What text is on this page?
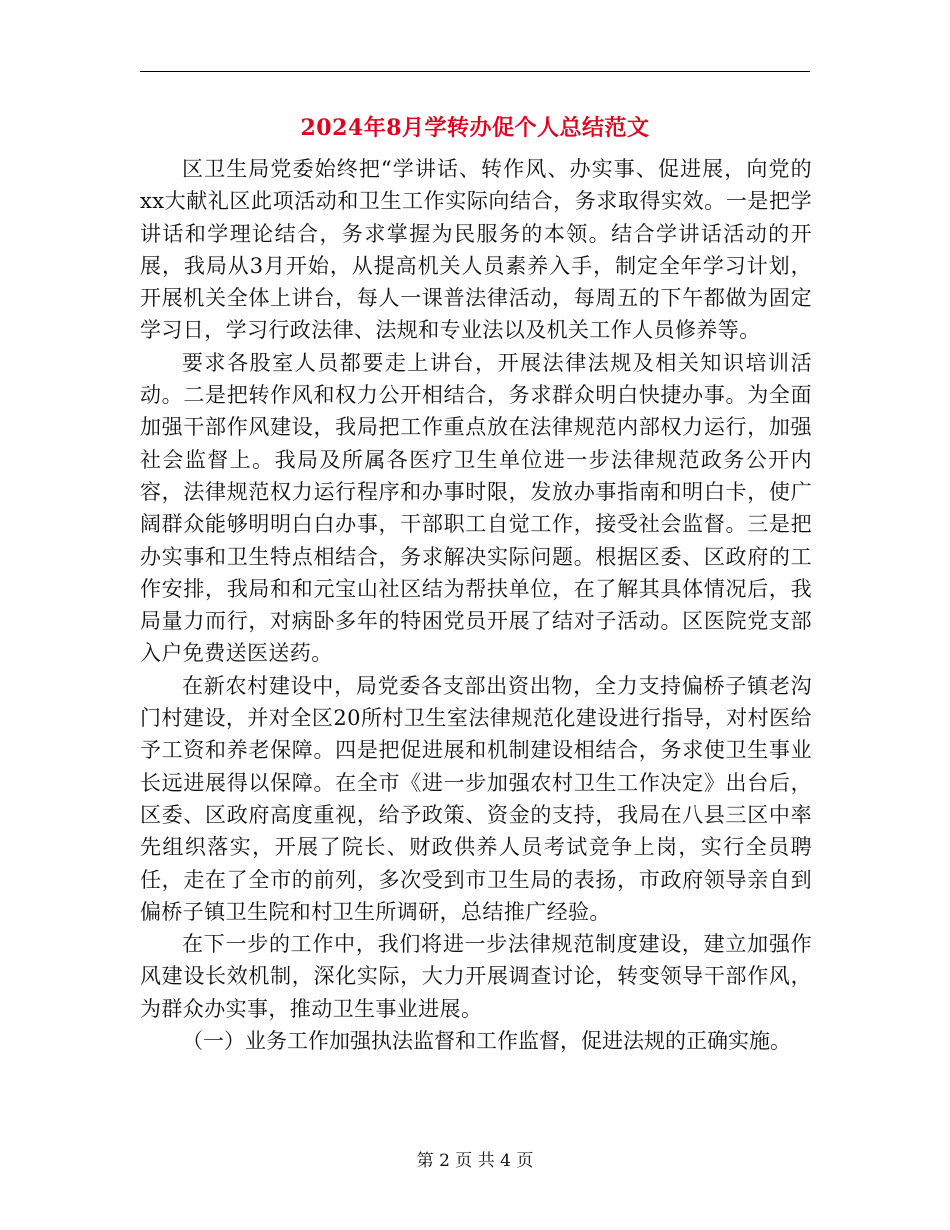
2024年8月学转办促个人总结范文

区卫生局党委始终把“学讲话、转作风、办实事、促进展，向党的xx大献礼区此项活动和卫生工作实际向结合，务求取得实效。一是把学讲话和学理论结合，务求掌握为民服务的本领。结合学讲话活动的开展，我局从3月开始，从提高机关人员素养入手，制定全年学习计划，开展机关全体上讲台，每人一课普法律活动，每周五的下午都做为固定学习日，学习行政法律、法规和专业法以及机关工作人员修养等。

要求各股室人员都要走上讲台，开展法律法规及相关知识培训活动。二是把转作风和权力公开相结合，务求群众明白快捷办事。为全面加强干部作风建设，我局把工作重点放在法律规范内部权力运行，加强社会监督上。我局及所属各医疗卫生单位进一步法律规范政务公开内容，法律规范权力运行程序和办事时限，发放办事指南和明白卡，使广阔群众能够明明白白办事，干部职工自觉工作，接受社会监督。三是把办实事和卫生特点相结合，务求解决实际问题。根据区委、区政府的工作安排，我局和和元宝山社区结为帮扶单位，在了解其具体情况后，我局量力而行，对病卧多年的特困党员开展了结对子活动。区医院党支部入户免费送医送药。

在新农村建设中，局党委各支部出资出物，全力支持偏桥子镇老沟门村建设，并对全区20所村卫生室法律规范化建设进行指导，对村医给予工资和养老保障。四是把促进展和机制建设相结合，务求使卫生事业长远进展得以保障。在全市《进一步加强农村卫生工作决定》出台后，区委、区政府高度重视，给予政策、资金的支持，我局在八县三区中率先组织落实，开展了院长、财政供养人员考试竞争上岗，实行全员聘任，走在了全市的前列，多次受到市卫生局的表扬，市政府领导亲自到偏桥子镇卫生院和村卫生所调研，总结推广经验。

在下一步的工作中，我们将进一步法律规范制度建设，建立加强作风建设长效机制，深化实际，大力开展调查讨论，转变领导干部作风，为群众办实事，推动卫生事业进展。

（一）业务工作加强执法监督和工作监督，促进法规的正确实施。

第 2 页 共 4 页
